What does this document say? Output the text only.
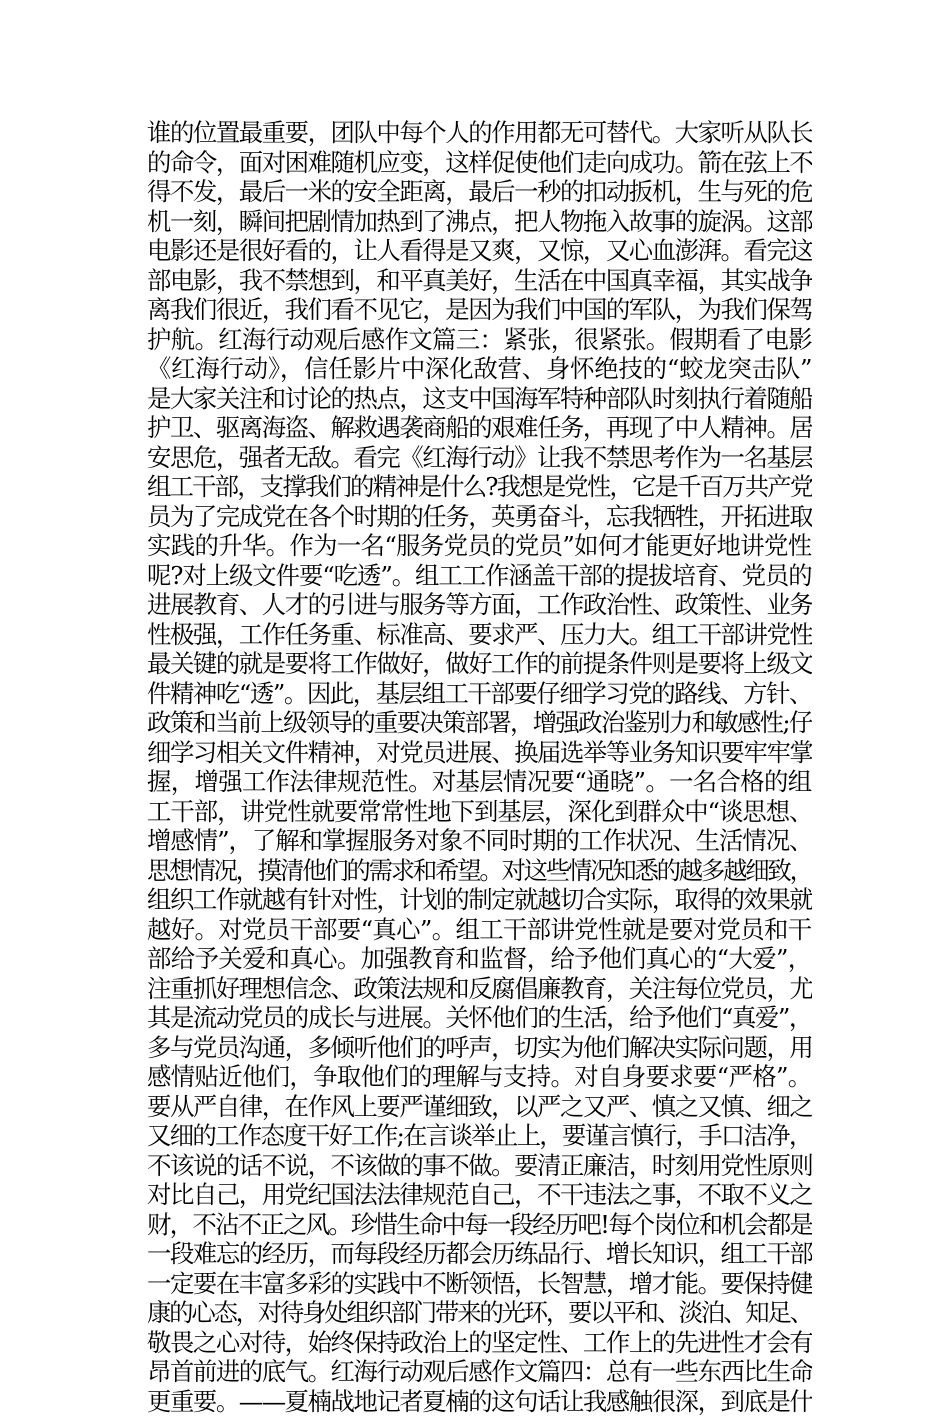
谁的位置最重要，团队中每个人的作用都无可替代。大家听从队长
的命令，面对困难随机应变，这样促使他们走向成功。箭在弦上不
得不发，最后一米的安全距离，最后一秒的扣动扳机，生与死的危
机一刻，瞬间把剧情加热到了沸点，把人物拖入故事的旋涡。这部
电影还是很好看的，让人看得是又爽，又惊，又心血澎湃。看完这
部电影，我不禁想到，和平真美好，生活在中国真幸福，其实战争
离我们很近，我们看不见它，是因为我们中国的军队，为我们保驾
护航。红海行动观后感作文篇三：紧张，很紧张。假期看了电影
《红海行动》，信任影片中深化敌营、身怀绝技的“蛟龙突击队”
是大家关注和讨论的热点，这支中国海军特种部队时刻执行着随船
护卫、驱离海盗、解救遇袭商船的艰难任务，再现了中人精神。居
安思危，强者无敌。看完《红海行动》让我不禁思考作为一名基层
组工干部，支撑我们的精神是什么?我想是党性，它是千百万共产党
员为了完成党在各个时期的任务，英勇奋斗，忘我牺牲，开拓进取
实践的升华。作为一名“服务党员的党员”如何才能更好地讲党性
呢?对上级文件要“吃透”。组工工作涵盖干部的提拔培育、党员的
进展教育、人才的引进与服务等方面，工作政治性、政策性、业务
性极强，工作任务重、标准高、要求严、压力大。组工干部讲党性
最关键的就是要将工作做好，做好工作的前提条件则是要将上级文
件精神吃“透”。因此，基层组工干部要仔细学习党的路线、方针、
政策和当前上级领导的重要决策部署，增强政治鉴别力和敏感性;仔
细学习相关文件精神，对党员进展、换届选举等业务知识要牢牢掌
握，增强工作法律规范性。对基层情况要“通晓”。一名合格的组
工干部，讲党性就要常常性地下到基层，深化到群众中“谈思想、
增感情”，了解和掌握服务对象不同时期的工作状况、生活情况、
思想情况，摸清他们的需求和希望。对这些情况知悉的越多越细致，
组织工作就越有针对性，计划的制定就越切合实际，取得的效果就
越好。对党员干部要“真心”。组工干部讲党性就是要对党员和干
部给予关爱和真心。加强教育和监督，给予他们真心的“大爱”，
注重抓好理想信念、政策法规和反腐倡廉教育，关注每位党员，尤
其是流动党员的成长与进展。关怀他们的生活，给予他们“真爱”，
多与党员沟通，多倾听他们的呼声，切实为他们解决实际问题，用
感情贴近他们，争取他们的理解与支持。对自身要求要“严格”。
要从严自律，在作风上要严谨细致，以严之又严、慎之又慎、细之
又细的工作态度干好工作;在言谈举止上，要谨言慎行，手口洁净，
不该说的话不说，不该做的事不做。要清正廉洁，时刻用党性原则
对比自己，用党纪国法法律规范自己，不干违法之事，不取不义之
财，不沾不正之风。珍惜生命中每一段经历吧!每个岗位和机会都是
一段难忘的经历，而每段经历都会历练品行、增长知识，组工干部
一定要在丰富多彩的实践中不断领悟，长智慧，增才能。要保持健
康的心态，对待身处组织部门带来的光环，要以平和、淡泊、知足、
敬畏之心对待，始终保持政治上的坚定性、工作上的先进性才会有
昂首前进的底气。红海行动观后感作文篇四：总有一些东西比生命
更重要。——夏楠战地记者夏楠的这句话让我感触很深，到底是什
